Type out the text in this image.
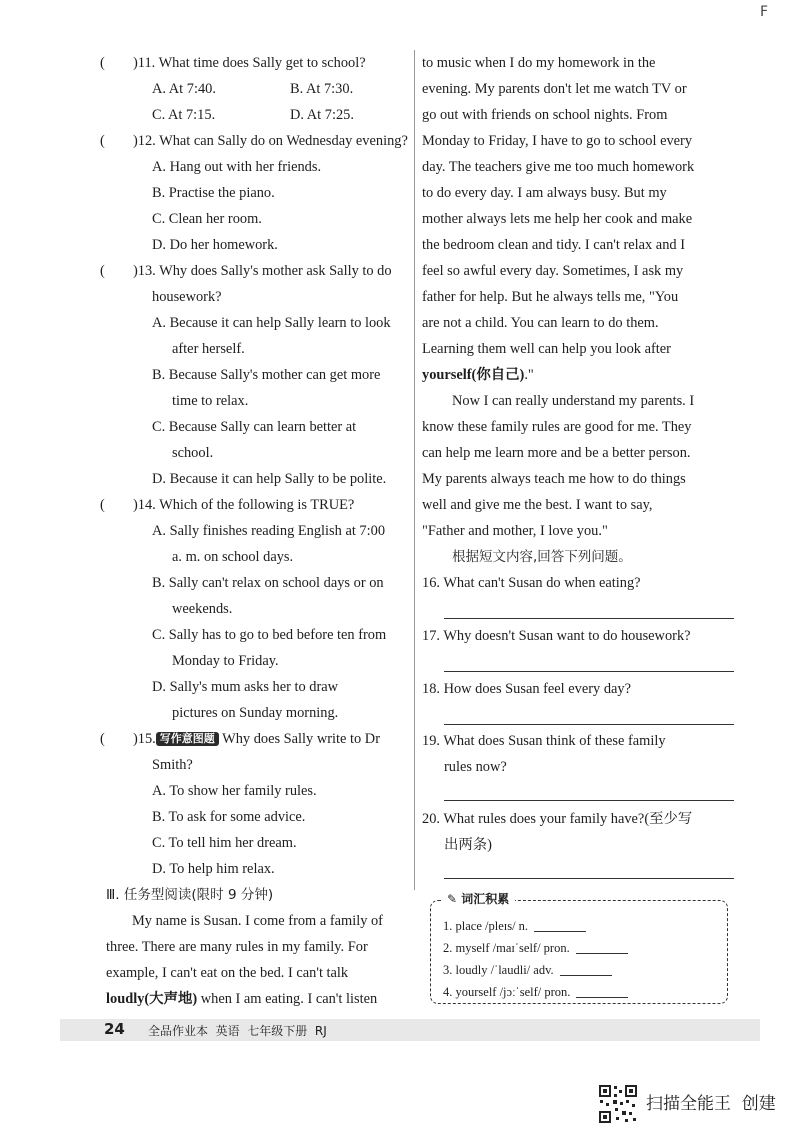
F
( )11. What time does Sally get to school?
A. At 7:40.	B. At 7:30.
C. At 7:15.	D. At 7:25.
( )12. What can Sally do on Wednesday evening?
A. Hang out with her friends.
B. Practise the piano.
C. Clean her room.
D. Do her homework.
( )13. Why does Sally's mother ask Sally to do
housework?
A. Because it can help Sally learn to look
after herself.
B. Because Sally's mother can get more
time to relax.
C. Because Sally can learn better at
school.
D. Because it can help Sally to be polite.
( )14. Which of the following is TRUE?
A. Sally finishes reading English at 7:00
a. m. on school days.
B. Sally can't relax on school days or on
weekends.
C. Sally has to go to bed before ten from
Monday to Friday.
D. Sally's mum asks her to draw
pictures on Sunday morning.
( )15. 写作意图题 Why does Sally write to Dr
Smith?
A. To show her family rules.
B. To ask for some advice.
C. To tell him her dream.
D. To help him relax.
Ⅲ. 任务型阅读(限时 9 分钟)
My name is Susan. I come from a family of
three. There are many rules in my family. For
example, I can't eat on the bed. I can't talk
loudly(大声地) when I am eating. I can't listen
to music when I do my homework in the
evening. My parents don't let me watch TV or
go out with friends on school nights. From
Monday to Friday, I have to go to school every
day. The teachers give me too much homework
to do every day. I am always busy. But my
mother always lets me help her cook and make
the bedroom clean and tidy. I can't relax and I
feel so awful every day. Sometimes, I ask my
father for help. But he always tells me, "You
are not a child. You can learn to do them.
Learning them well can help you look after
yourself(你自己)."
Now I can really understand my parents. I
know these family rules are good for me. They
can help me learn more and be a better person.
My parents always teach me how to do things
well and give me the best. I want to say,
"Father and mother, I love you."
根据短文内容,回答下列问题。
16. What can't Susan do when eating?
17. Why doesn't Susan want to do housework?
18. How does Susan feel every day?
19. What does Susan think of these family
rules now?
20. What rules does your family have?(至少写
出两条)
✎ 词汇积累
1. place /pleɪs/ n.
2. myself /maɪˈself/ pron.
3. loudly /ˈlaudli/ adv.
4. yourself /jɔːˈself/ pron.
24 全品作业本  英语  七年级下册  RJ
扫描全能王  创建
